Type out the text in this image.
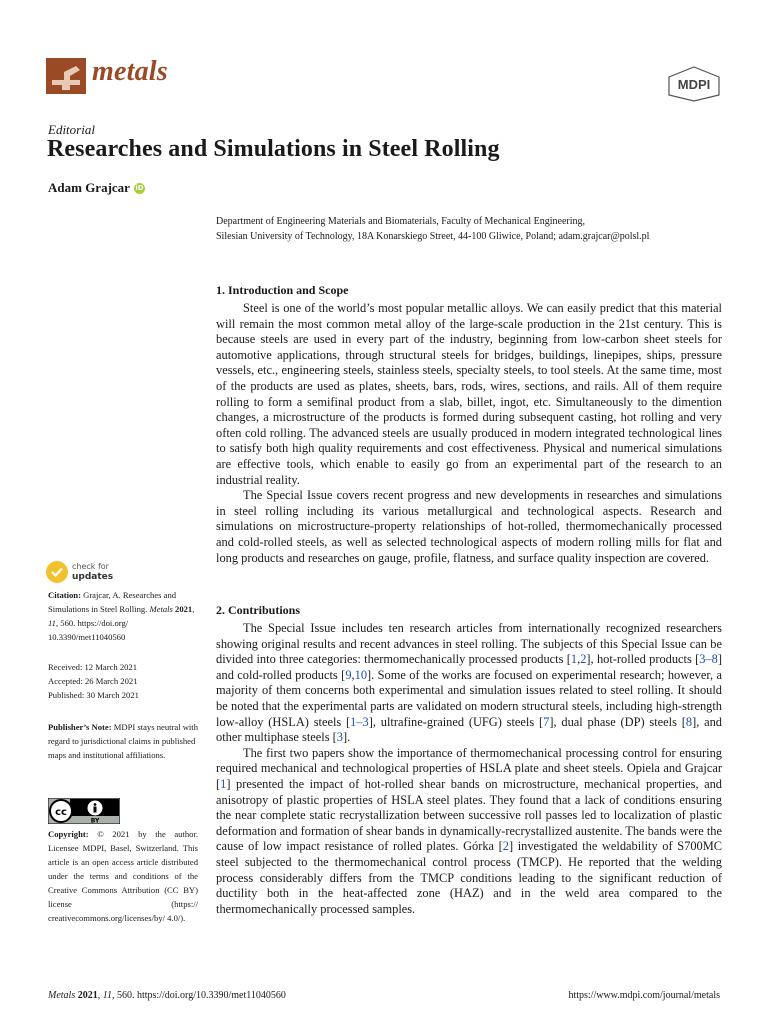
metals	MDPI
Editorial
Researches and Simulations in Steel Rolling
Adam Grajcar iD
Department of Engineering Materials and Biomaterials, Faculty of Mechanical Engineering,
Silesian University of Technology, 18A Konarskiego Street, 44-100 Gliwice, Poland; adam.grajcar@polsl.pl
1. Introduction and Scope

Steel is one of the world’s most popular metallic alloys. We can easily predict that this material will remain the most common metal alloy of the large-scale production in the 21st century. This is because steels are used in every part of the industry, beginning from low-carbon sheet steels for automotive applications, through structural steels for bridges, buildings, linepipes, ships, pressure vessels, etc., engineering steels, stainless steels, specialty steels, to tool steels. At the same time, most of the products are used as plates, sheets, bars, rods, wires, sections, and rails. All of them require rolling to form a semifinal product from a slab, billet, ingot, etc. Simultaneously to the dimention changes, a microstructure of the products is formed during subsequent casting, hot rolling and very often cold rolling. The advanced steels are usually produced in modern integrated technological lines to satisfy both high quality requirements and cost effectiveness. Physical and numerical simulations are effective tools, which enable to easily go from an experimental part of the research to an industrial reality.

The Special Issue covers recent progress and new developments in researches and simulations in steel rolling including its various metallurgical and technological aspects. Research and simulations on microstructure-property relationships of hot-rolled, thermomechanically processed and cold-rolled steels, as well as selected technological aspects of modern rolling mills for flat and long products and researches on gauge, profile, flatness, and surface quality inspection are covered.

2. Contributions

The Special Issue includes ten research articles from internationally recognized researchers showing original results and recent advances in steel rolling. The subjects of this Special Issue can be divided into three categories: thermomechanically processed products [1,2], hot-rolled products [3–8] and cold-rolled products [9,10]. Some of the works are focused on experimental research; however, a majority of them concerns both experimental and simulation issues related to steel rolling. It should be noted that the experimental parts are validated on modern structural steels, including high-strength low-alloy (HSLA) steels [1–3], ultrafine-grained (UFG) steels [7], dual phase (DP) steels [8], and other multiphase steels [3].

The first two papers show the importance of thermomechanical processing control for ensuring required mechanical and technological properties of HSLA plate and sheet steels. Opiela and Grajcar [1] presented the impact of hot-rolled shear bands on microstructure, mechanical properties, and anisotropy of plastic properties of HSLA steel plates. They found that a lack of conditions ensuring the near complete static recrystallization between successive roll passes led to localization of plastic deformation and formation of shear bands in dynamically-recrystallized austenite. The bands were the cause of low impact resistance of rolled plates. Górka [2] investigated the weldability of S700MC steel subjected to the thermomechanical control process (TMCP). He reported that the welding process considerably differs from the TMCP conditions leading to the significant reduction of ductility both in the heat-affected zone (HAZ) and in the weld area compared to the thermomechanically processed samples.

check for
updates
Citation: Grajcar, A. Researches and Simulations in Steel Rolling. Metals 2021, 11, 560. https://doi.org/ 10.3390/met11040560
Received: 12 March 2021
Accepted: 26 March 2021
Published: 30 March 2021
Publisher’s Note: MDPI stays neutral with regard to jurisdictional claims in published maps and institutional affiliations.
cc
BY
Copyright: © 2021 by the author. Licensee MDPI, Basel, Switzerland. This article is an open access article distributed under the terms and conditions of the Creative Commons Attribution (CC BY) license (https:// creativecommons.org/licenses/by/ 4.0/).
Metals 2021, 11, 560. https://doi.org/10.3390/met11040560	https://www.mdpi.com/journal/metals
